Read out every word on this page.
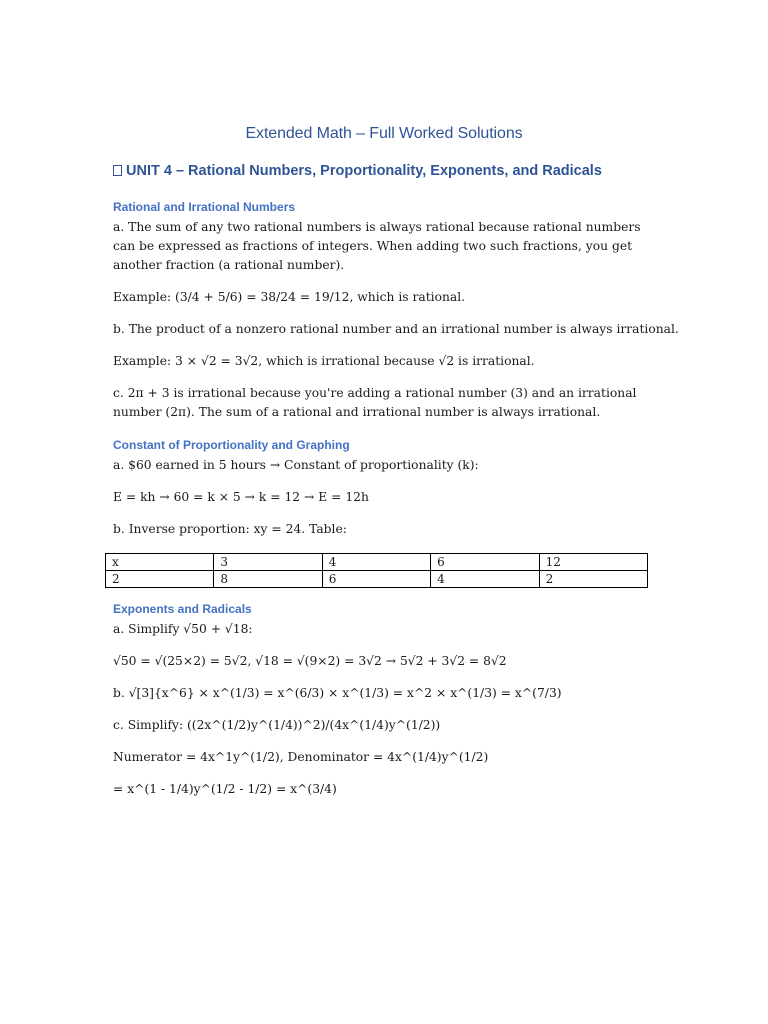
Extended Math – Full Worked Solutions
UNIT 4 – Rational Numbers, Proportionality, Exponents, and Radicals
Rational and Irrational Numbers

a. The sum of any two rational numbers is always rational because rational numbers can be expressed as fractions of integers. When adding two such fractions, you get another fraction (a rational number).

Example: (3/4 + 5/6) = 38/24 = 19/12, which is rational.

b. The product of a nonzero rational number and an irrational number is always irrational.

Example: 3 × √2 = 3√2, which is irrational because √2 is irrational.

c. 2π + 3 is irrational because you're adding a rational number (3) and an irrational number (2π). The sum of a rational and irrational number is always irrational.

Constant of Proportionality and Graphing

a. $60 earned in 5 hours → Constant of proportionality (k):

E = kh → 60 = k × 5 → k = 12 → E = 12h

b. Inverse proportion: xy = 24. Table:

x	3	4	6	12
2	8	6	4	2
Exponents and Radicals

a. Simplify √50 + √18:

√50 = √(25×2) = 5√2, √18 = √(9×2) = 3√2 → 5√2 + 3√2 = 8√2

b. √[3]{x^6} × x^(1/3) = x^(6/3) × x^(1/3) = x^2 × x^(1/3) = x^(7/3)

c. Simplify: ((2x^(1/2)y^(1/4))^2)/(4x^(1/4)y^(1/2))

Numerator = 4x^1y^(1/2), Denominator = 4x^(1/4)y^(1/2)

= x^(1 - 1/4)y^(1/2 - 1/2) = x^(3/4)
